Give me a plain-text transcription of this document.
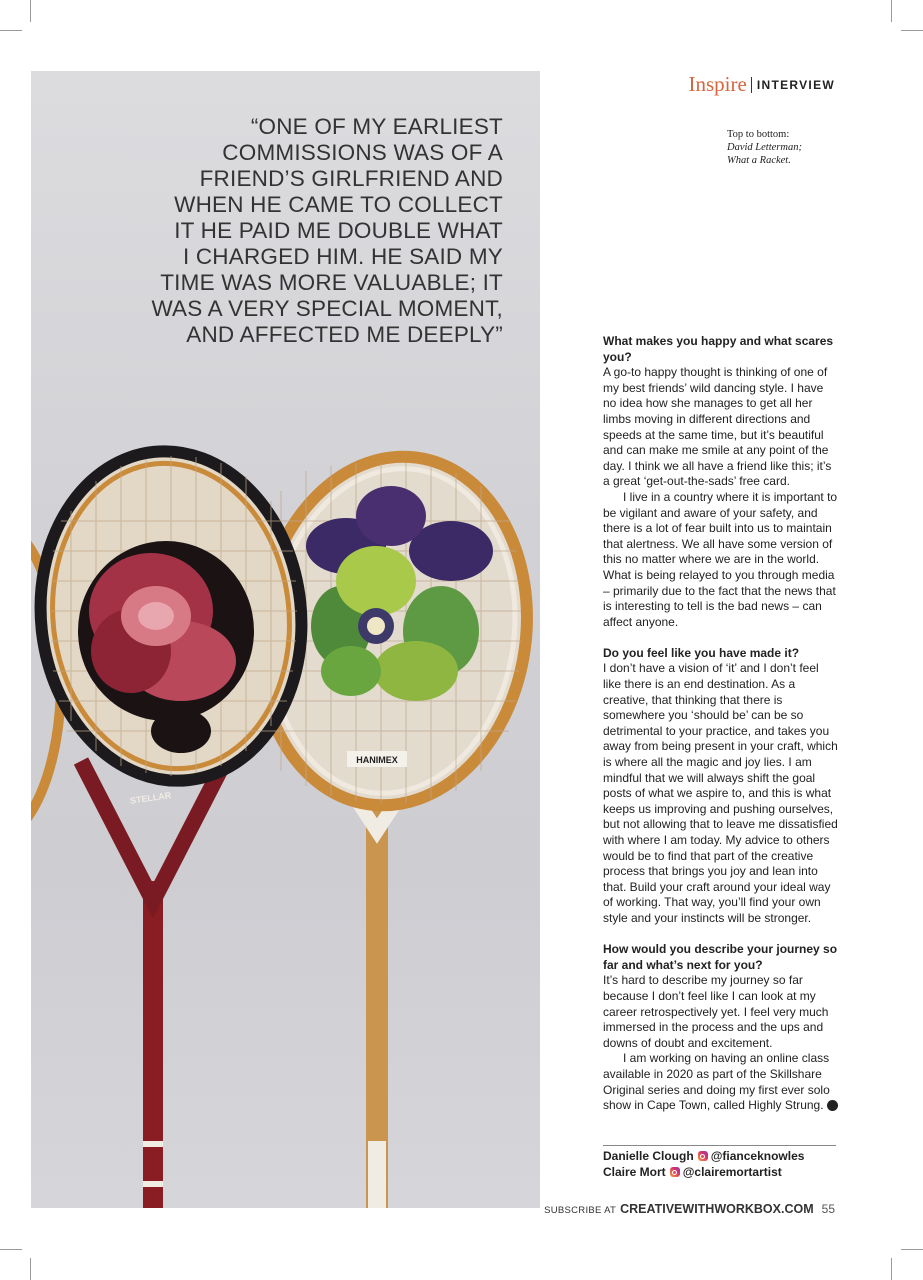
HANIMEX
STELLAR
“ONE OF MY EARLIEST
COMMISSIONS WAS OF A
FRIEND’S GIRLFRIEND AND
WHEN HE CAME TO COLLECT
IT HE PAID ME DOUBLE WHAT
I CHARGED HIM. HE SAID MY
TIME WAS MORE VALUABLE; IT
WAS A VERY SPECIAL MOMENT,
AND AFFECTED ME DEEPLY”
Inspire INTERVIEW
Top to bottom:
David Letterman;
What a Racket.

What makes you happy and what scares you?

A go-to happy thought is thinking of one of my best friends’ wild dancing style. I have no idea how she manages to get all her limbs moving in different directions and speeds at the same time, but it’s beautiful and can make me smile at any point of the day. I think we all have a friend like this; it’s a great ‘get-out-the-sads’ free card.

I live in a country where it is important to be vigilant and aware of your safety, and there is a lot of fear built into us to maintain that alertness. We all have some version of this no matter where we are in the world. What is being relayed to you through media – primarily due to the fact that the news that is interesting to tell is the bad news – can affect anyone.

Do you feel like you have made it?

I don’t have a vision of ‘it’ and I don’t feel like there is an end destination. As a creative, that thinking that there is somewhere you ‘should be’ can be so detrimental to your practice, and takes you away from being present in your craft, which is where all the magic and joy lies. I am mindful that we will always shift the goal posts of what we aspire to, and this is what keeps us improving and pushing ourselves, but not allowing that to leave me dissatisfied with where I am today. My advice to others would be to find that part of the creative process that brings you joy and lean into that. Build your craft around your ideal way of working. That way, you’ll find your own style and your instincts will be stronger.

How would you describe your journey so far and what’s next for you?

It’s hard to describe my journey so far because I don’t feel like I can look at my career retrospectively yet. I feel very much immersed in the process and the ups and downs of doubt and excitement.

I am working on having an online class available in 2020 as part of the Skillshare Original series and doing my first ever solo show in Cape Town, called Highly Strung.	C

Danielle Clough @fianceknowles
Claire Mort @clairemortartist
SUBSCRIBE AT CREATIVEWITHWORKBOX.COM 55
